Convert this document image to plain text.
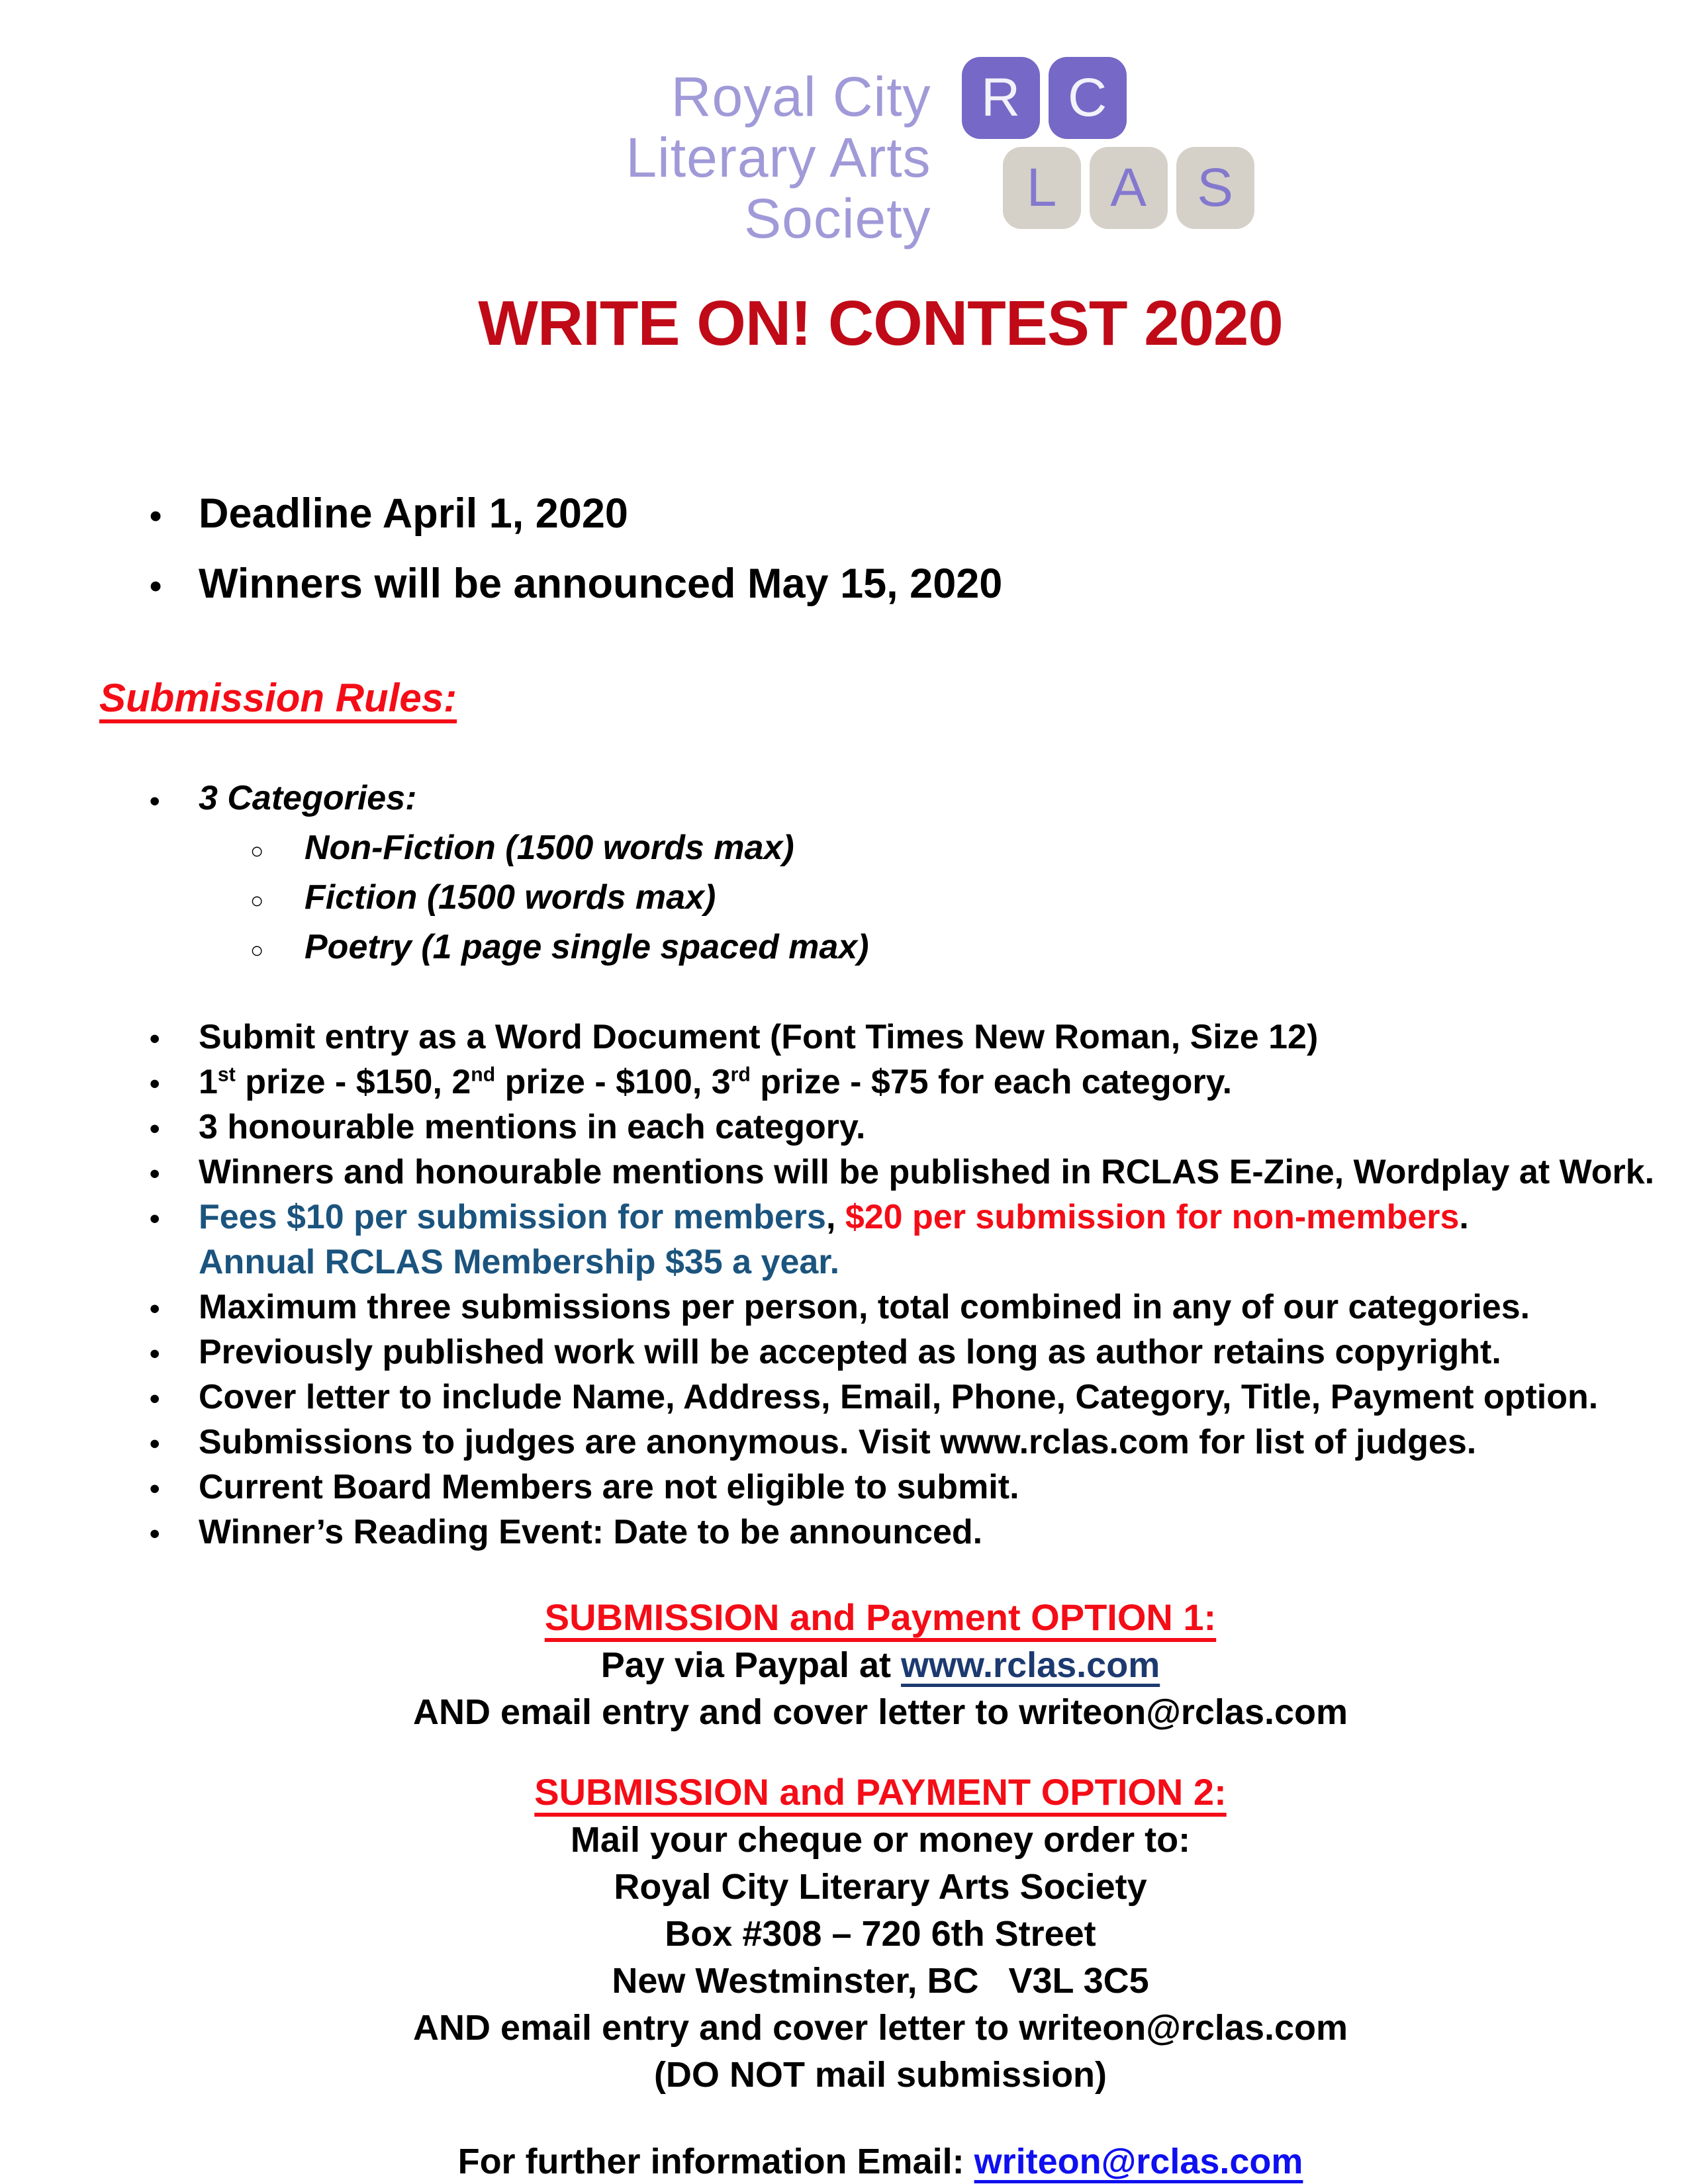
Royal City
Literary Arts
Society
R C
L A S
WRITE ON! CONTEST 2020
• Deadline April 1, 2020
• Winners will be announced May 15, 2020
Submission Rules:
• 3 Categories:
○ Non-Fiction (1500 words max)
○ Fiction (1500 words max)
○ Poetry (1 page single spaced max)
• Submit entry as a Word Document (Font Times New Roman, Size 12)
• 1st prize - $150, 2nd prize - $100, 3rd prize - $75 for each category.
• 3 honourable mentions in each category.
• Winners and honourable mentions will be published in RCLAS E-Zine, Wordplay at Work.
• Fees $10 per submission for members, $20 per submission for non-members.
Annual RCLAS Membership $35 a year.
• Maximum three submissions per person, total combined in any of our categories.
• Previously published work will be accepted as long as author retains copyright.
• Cover letter to include Name, Address, Email, Phone, Category, Title, Payment option.
• Submissions to judges are anonymous. Visit www.rclas.com for list of judges.
• Current Board Members are not eligible to submit.
• Winner’s Reading Event: Date to be announced.
SUBMISSION and Payment OPTION 1:
Pay via Paypal at www.rclas.com
AND email entry and cover letter to writeon@rclas.com
SUBMISSION and PAYMENT OPTION 2:
Mail your cheque or money order to:
Royal City Literary Arts Society
Box #308 – 720 6th Street
New Westminster, BC   V3L 3C5
AND email entry and cover letter to writeon@rclas.com
(DO NOT mail submission)
For further information Email: writeon@rclas.com
